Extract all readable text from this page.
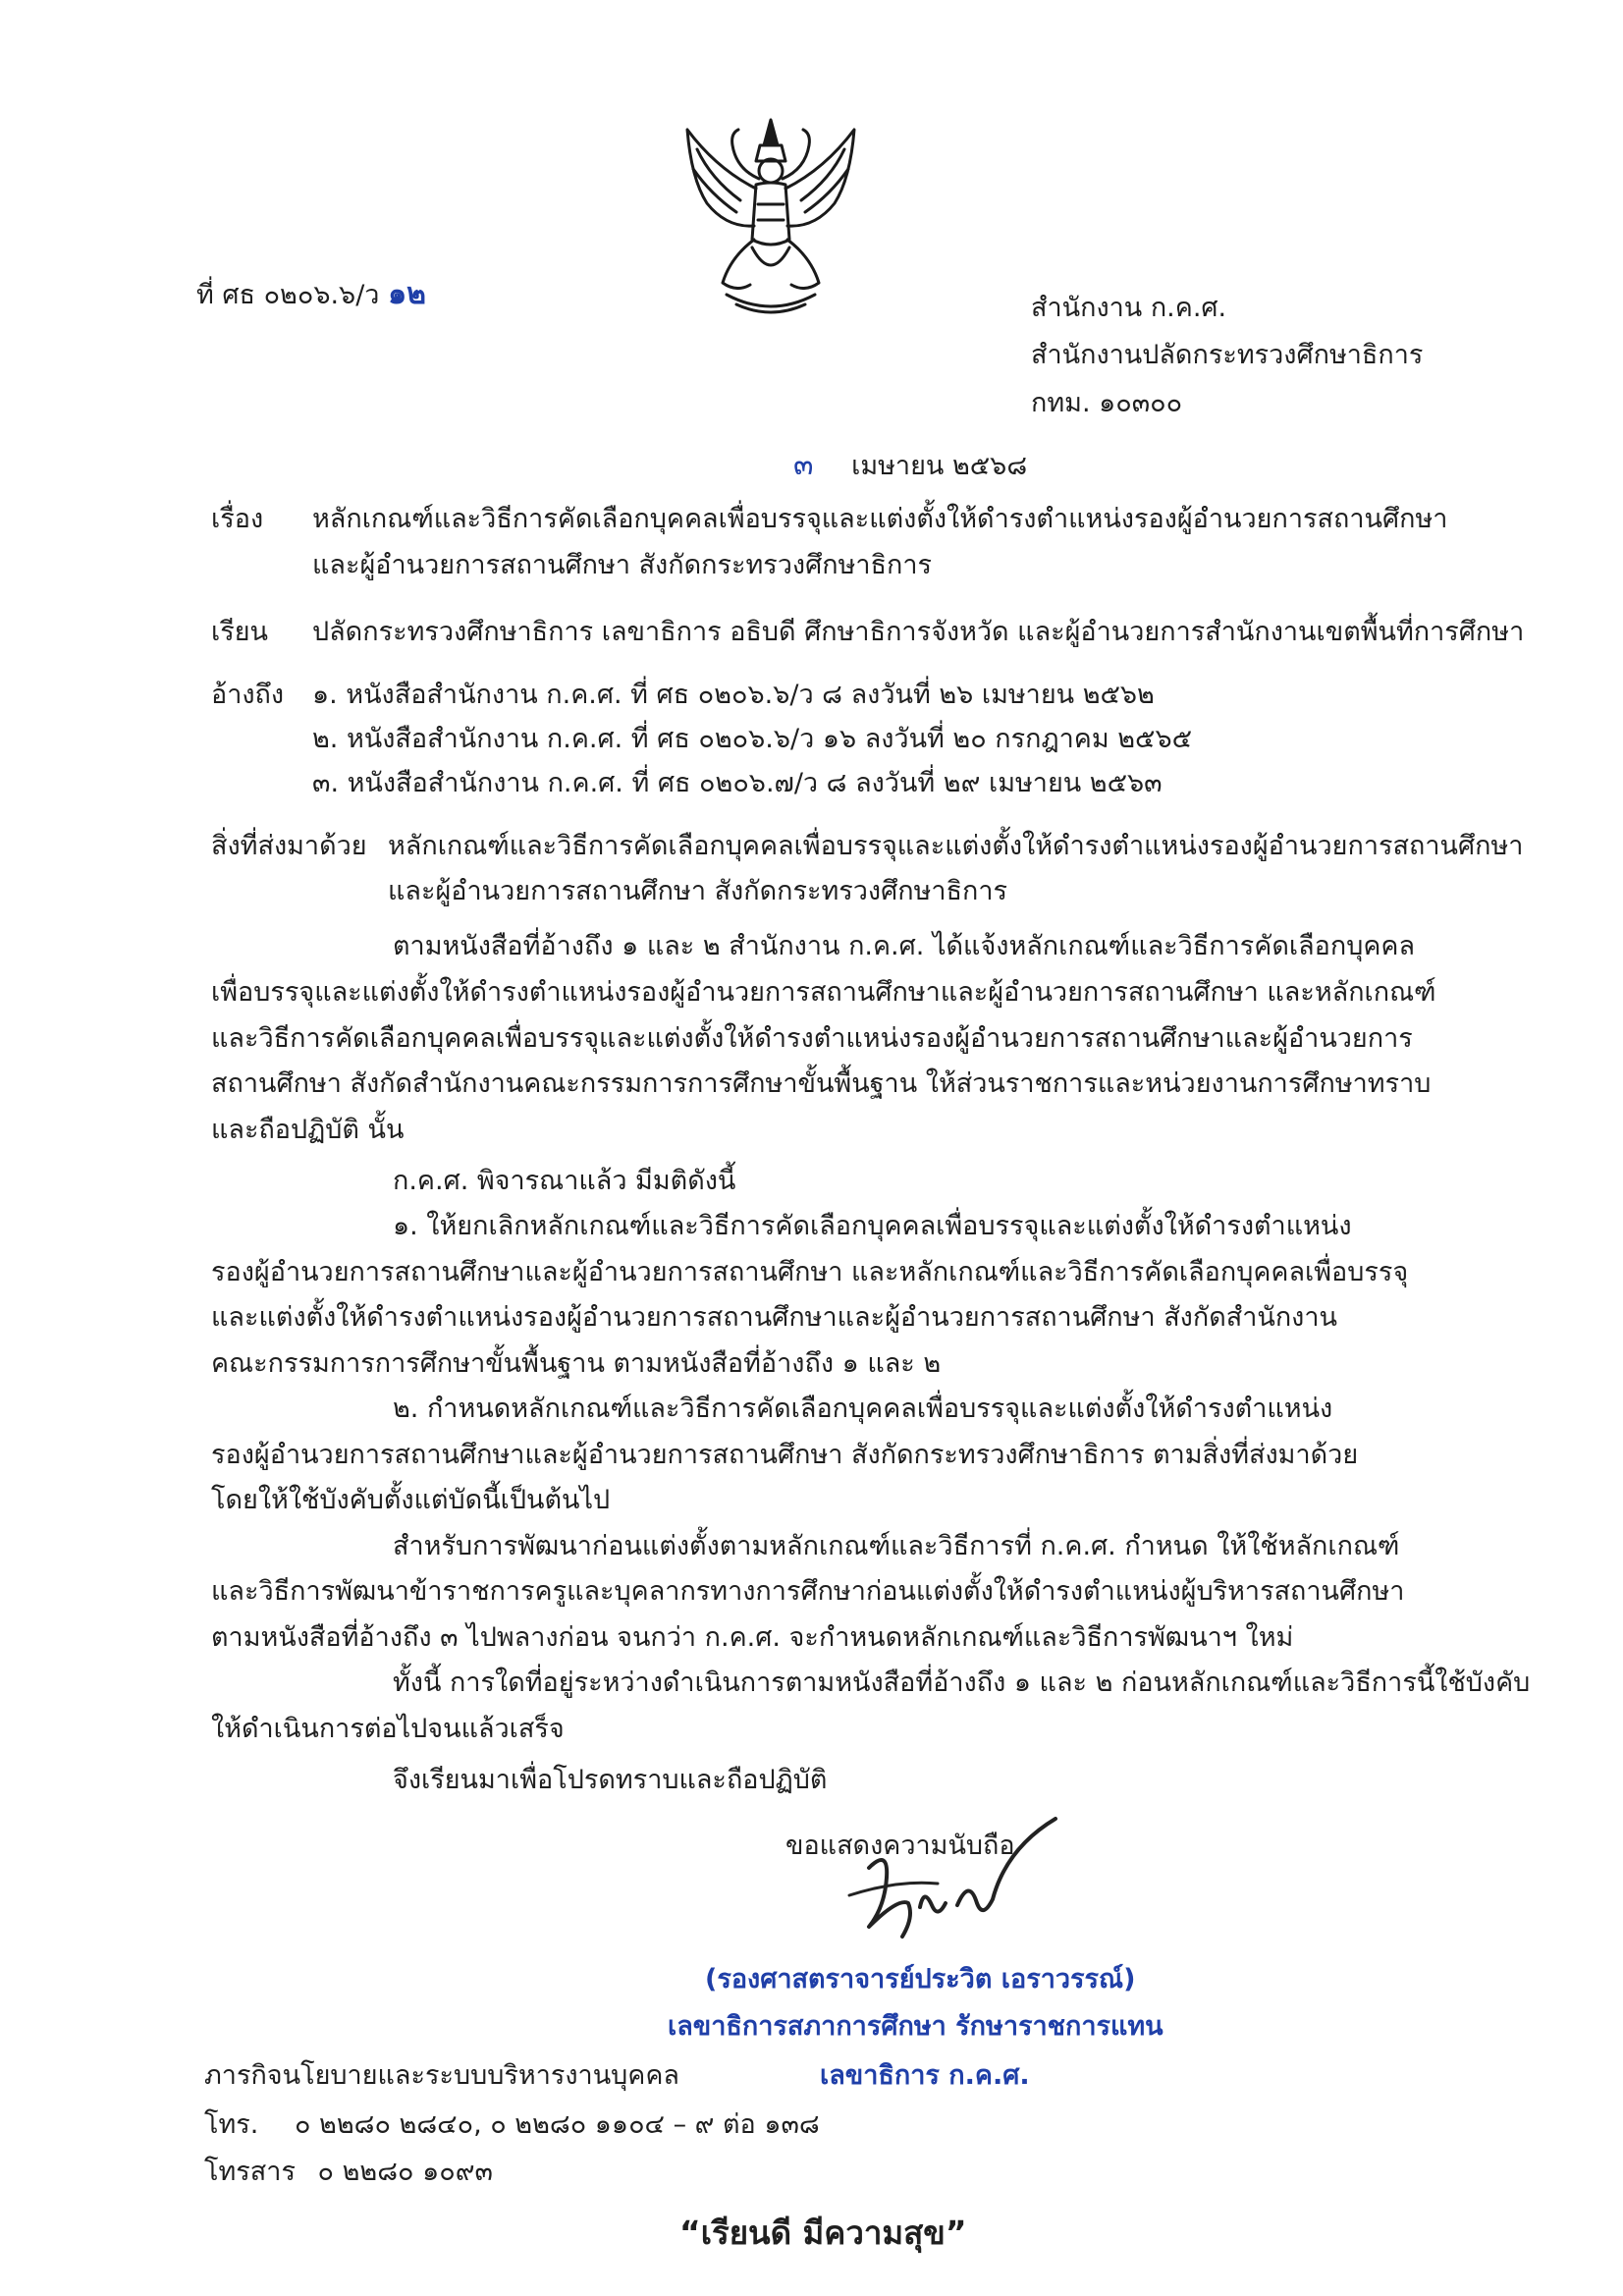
ที่ ศธ ๐๒๐๖.๖/ว ๑๒	สำนักงาน ก.ค.ศ.
สำนักงานปลัดกระทรวงศึกษาธิการ
กทม. ๑๐๓๐๐
๓ เมษายน ๒๕๖๘
เรื่อง หลักเกณฑ์และวิธีการคัดเลือกบุคคลเพื่อบรรจุและแต่งตั้งให้ดำรงตำแหน่งรองผู้อำนวยการสถานศึกษา
และผู้อำนวยการสถานศึกษา สังกัดกระทรวงศึกษาธิการ
เรียน ปลัดกระทรวงศึกษาธิการ เลขาธิการ อธิบดี ศึกษาธิการจังหวัด และผู้อำนวยการสำนักงานเขตพื้นที่การศึกษา
อ้างถึง ๑. หนังสือสำนักงาน ก.ค.ศ. ที่ ศธ ๐๒๐๖.๖/ว ๘ ลงวันที่ ๒๖ เมษายน ๒๕๖๒
๒. หนังสือสำนักงาน ก.ค.ศ. ที่ ศธ ๐๒๐๖.๖/ว ๑๖ ลงวันที่ ๒๐ กรกฎาคม ๒๕๖๕
๓. หนังสือสำนักงาน ก.ค.ศ. ที่ ศธ ๐๒๐๖.๗/ว ๘ ลงวันที่ ๒๙ เมษายน ๒๕๖๓
สิ่งที่ส่งมาด้วย หลักเกณฑ์และวิธีการคัดเลือกบุคคลเพื่อบรรจุและแต่งตั้งให้ดำรงตำแหน่งรองผู้อำนวยการสถานศึกษา
และผู้อำนวยการสถานศึกษา สังกัดกระทรวงศึกษาธิการ
ตามหนังสือที่อ้างถึง ๑ และ ๒ สำนักงาน ก.ค.ศ. ได้แจ้งหลักเกณฑ์และวิธีการคัดเลือกบุคคล
เพื่อบรรจุและแต่งตั้งให้ดำรงตำแหน่งรองผู้อำนวยการสถานศึกษาและผู้อำนวยการสถานศึกษา และหลักเกณฑ์
และวิธีการคัดเลือกบุคคลเพื่อบรรจุและแต่งตั้งให้ดำรงตำแหน่งรองผู้อำนวยการสถานศึกษาและผู้อำนวยการ
สถานศึกษา สังกัดสำนักงานคณะกรรมการการศึกษาขั้นพื้นฐาน ให้ส่วนราชการและหน่วยงานการศึกษาทราบ
และถือปฏิบัติ นั้น
ก.ค.ศ. พิจารณาแล้ว มีมติดังนี้
๑. ให้ยกเลิกหลักเกณฑ์และวิธีการคัดเลือกบุคคลเพื่อบรรจุและแต่งตั้งให้ดำรงตำแหน่ง
รองผู้อำนวยการสถานศึกษาและผู้อำนวยการสถานศึกษา และหลักเกณฑ์และวิธีการคัดเลือกบุคคลเพื่อบรรจุ
และแต่งตั้งให้ดำรงตำแหน่งรองผู้อำนวยการสถานศึกษาและผู้อำนวยการสถานศึกษา สังกัดสำนักงาน
คณะกรรมการการศึกษาขั้นพื้นฐาน ตามหนังสือที่อ้างถึง ๑ และ ๒
๒. กำหนดหลักเกณฑ์และวิธีการคัดเลือกบุคคลเพื่อบรรจุและแต่งตั้งให้ดำรงตำแหน่ง
รองผู้อำนวยการสถานศึกษาและผู้อำนวยการสถานศึกษา สังกัดกระทรวงศึกษาธิการ ตามสิ่งที่ส่งมาด้วย
โดยให้ใช้บังคับตั้งแต่บัดนี้เป็นต้นไป
สำหรับการพัฒนาก่อนแต่งตั้งตามหลักเกณฑ์และวิธีการที่ ก.ค.ศ. กำหนด ให้ใช้หลักเกณฑ์
และวิธีการพัฒนาข้าราชการครูและบุคลากรทางการศึกษาก่อนแต่งตั้งให้ดำรงตำแหน่งผู้บริหารสถานศึกษา
ตามหนังสือที่อ้างถึง ๓ ไปพลางก่อน จนกว่า ก.ค.ศ. จะกำหนดหลักเกณฑ์และวิธีการพัฒนาฯ ใหม่
ทั้งนี้ การใดที่อยู่ระหว่างดำเนินการตามหนังสือที่อ้างถึง ๑ และ ๒ ก่อนหลักเกณฑ์และวิธีการนี้ใช้บังคับ
ให้ดำเนินการต่อไปจนแล้วเสร็จ
จึงเรียนมาเพื่อโปรดทราบและถือปฏิบัติ
ขอแสดงความนับถือ
(รองศาสตราจารย์ประวิต เอราวรรณ์)
เลขาธิการสภาการศึกษา รักษาราชการแทน
เลขาธิการ ก.ค.ศ.
ภารกิจนโยบายและระบบบริหารงานบุคคล
โทร. ๐ ๒๒๘๐ ๒๘๔๐, ๐ ๒๒๘๐ ๑๑๐๔ – ๙ ต่อ ๑๓๘
โทรสาร ๐ ๒๒๘๐ ๑๐๙๓
“เรียนดี มีความสุข”
